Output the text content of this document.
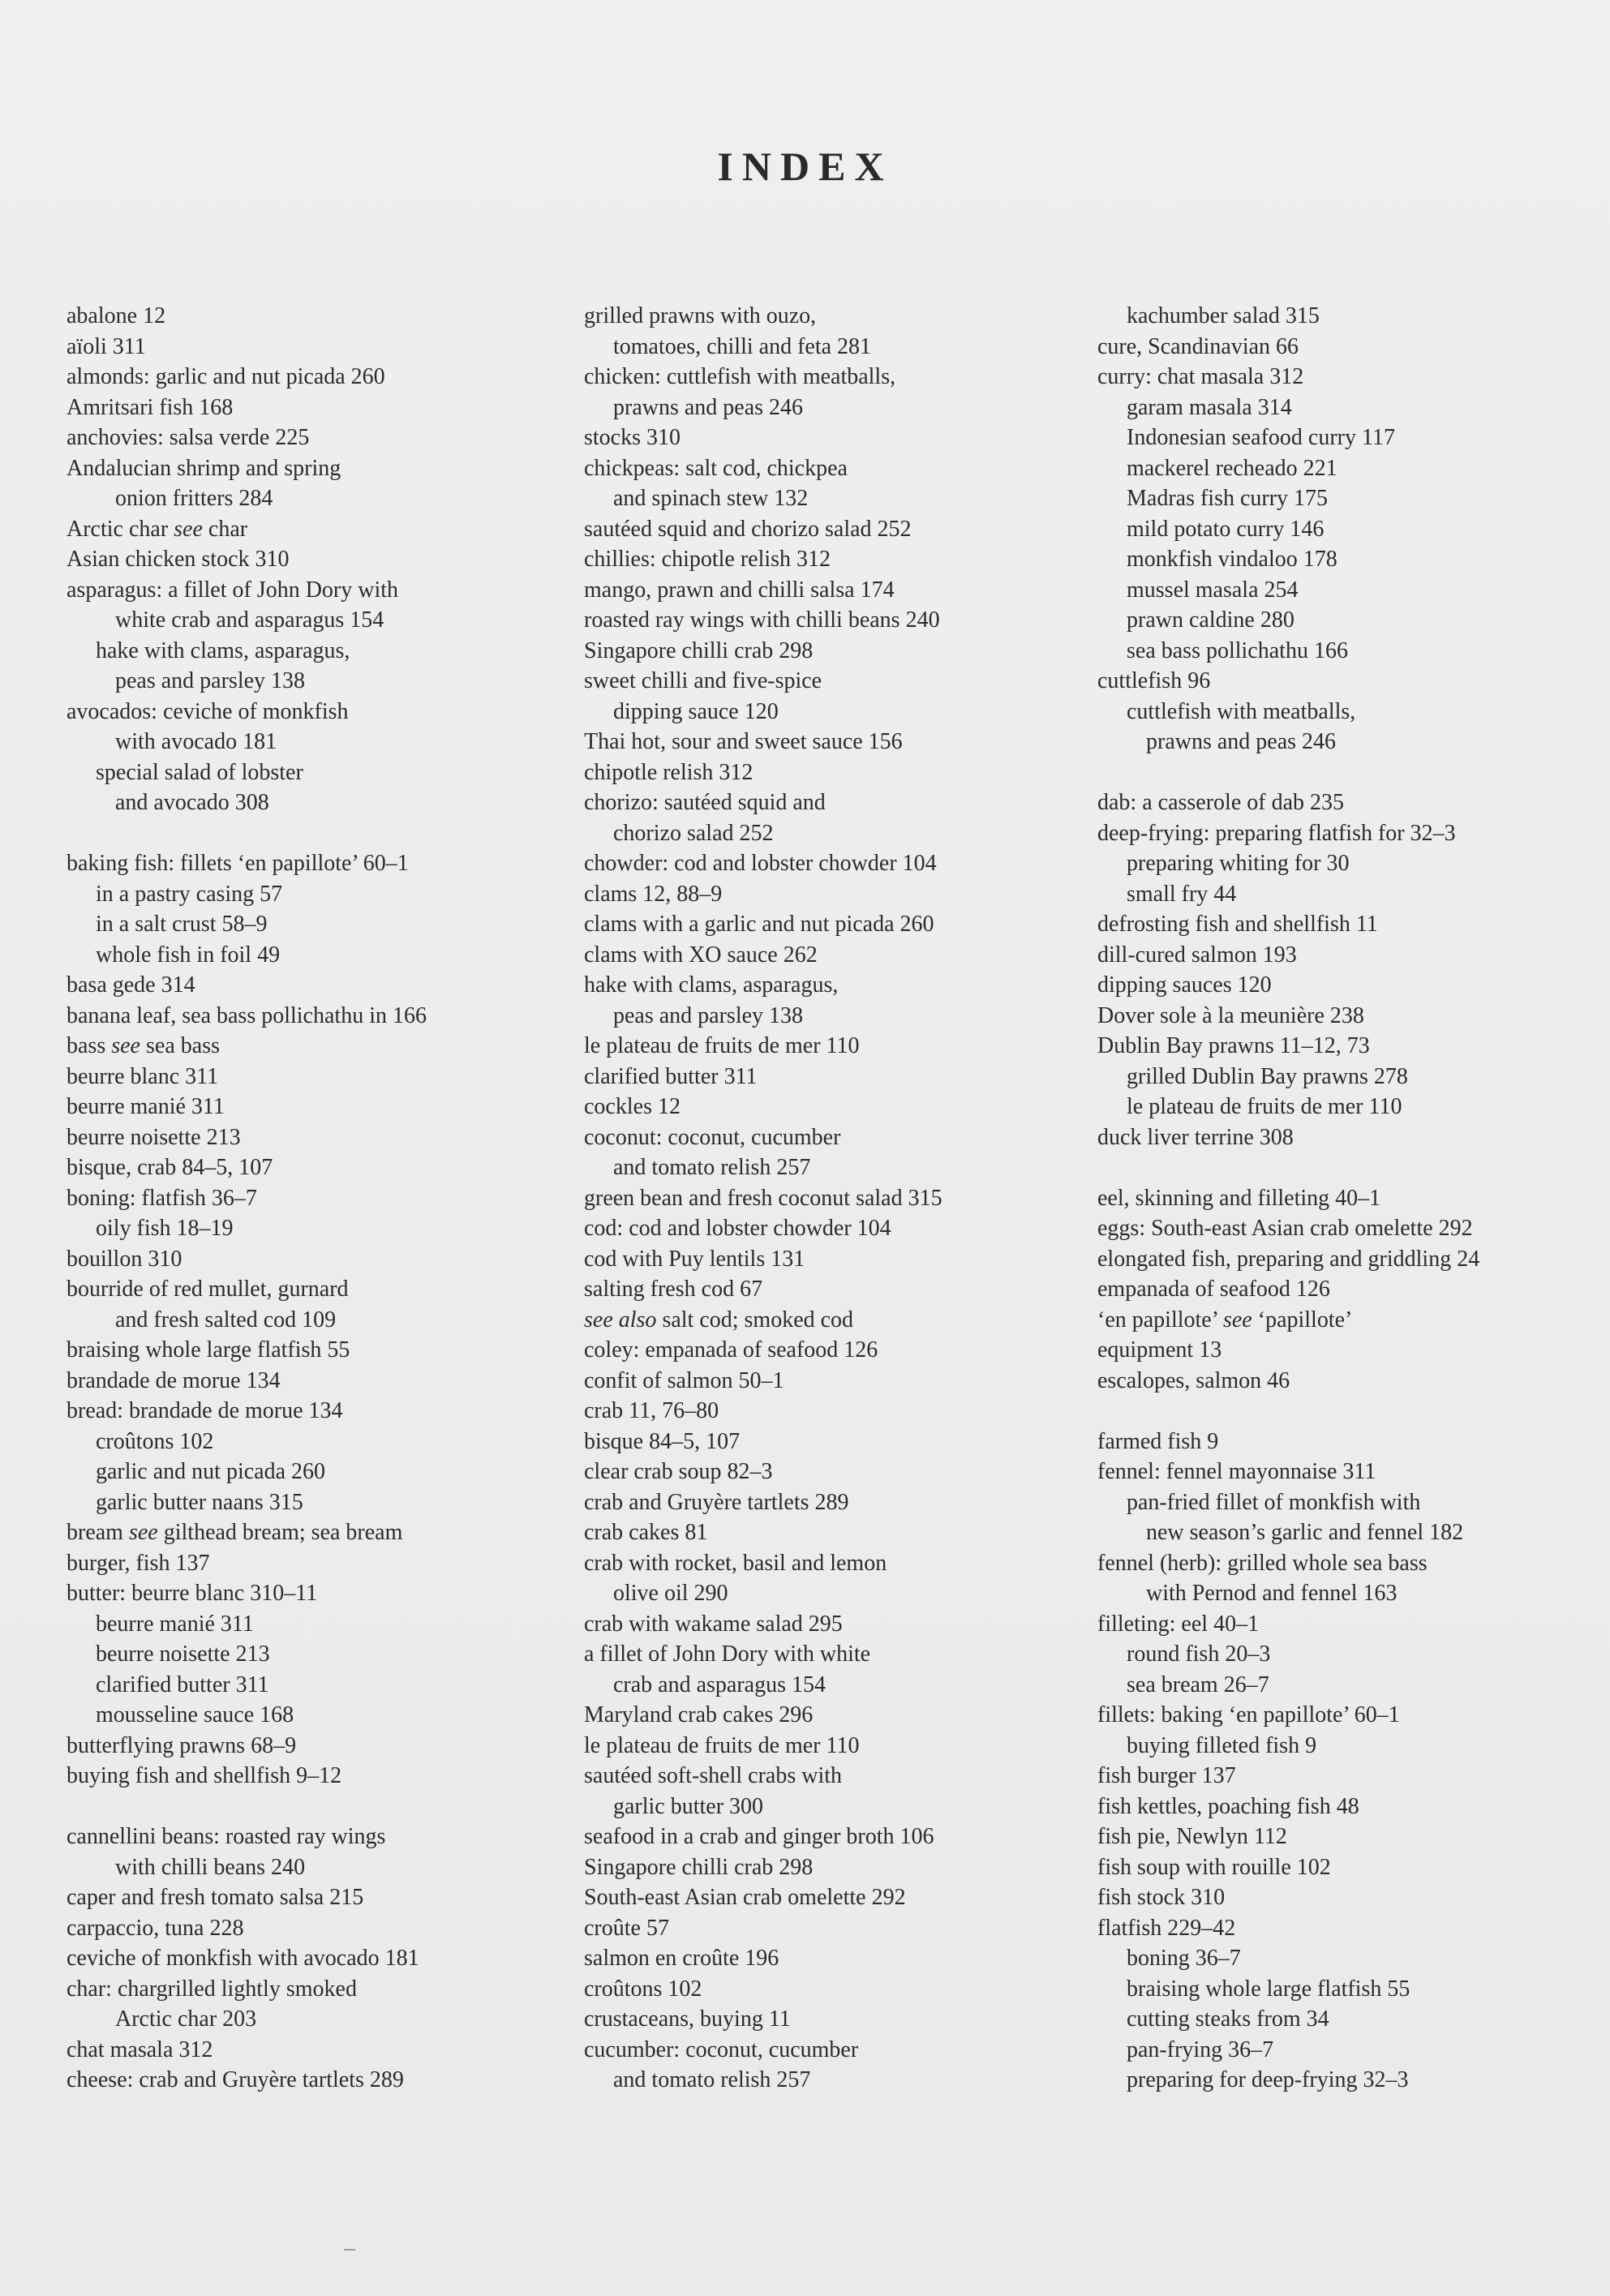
INDEX
abalone 12
aïoli 311
almonds: garlic and nut picada 260
Amritsari fish 168
anchovies: salsa verde 225
Andalucian shrimp and spring
onion fritters 284
Arctic char see char
Asian chicken stock 310
asparagus: a fillet of John Dory with
white crab and asparagus 154
hake with clams, asparagus,
peas and parsley 138
avocados: ceviche of monkfish
with avocado 181
special salad of lobster
and avocado 308
baking fish: fillets ‘en papillote’ 60–1
in a pastry casing 57
in a salt crust 58–9
whole fish in foil 49
basa gede 314
banana leaf, sea bass pollichathu in 166
bass see sea bass
beurre blanc 311
beurre manié 311
beurre noisette 213
bisque, crab 84–5, 107
boning: flatfish 36–7
oily fish 18–19
bouillon 310
bourride of red mullet, gurnard
and fresh salted cod 109
braising whole large flatfish 55
brandade de morue 134
bread: brandade de morue 134
croûtons 102
garlic and nut picada 260
garlic butter naans 315
bream see gilthead bream; sea bream
burger, fish 137
butter: beurre blanc 310–11
beurre manié 311
beurre noisette 213
clarified butter 311
mousseline sauce 168
butterflying prawns 68–9
buying fish and shellfish 9–12
cannellini beans: roasted ray wings
with chilli beans 240
caper and fresh tomato salsa 215
carpaccio, tuna 228
ceviche of monkfish with avocado 181
char: chargrilled lightly smoked
Arctic char 203
chat masala 312
cheese: crab and Gruyère tartlets 289
grilled prawns with ouzo,
tomatoes, chilli and feta 281
chicken: cuttlefish with meatballs,
prawns and peas 246
stocks 310
chickpeas: salt cod, chickpea
and spinach stew 132
sautéed squid and chorizo salad 252
chillies: chipotle relish 312
mango, prawn and chilli salsa 174
roasted ray wings with chilli beans 240
Singapore chilli crab 298
sweet chilli and five-spice
dipping sauce 120
Thai hot, sour and sweet sauce 156
chipotle relish 312
chorizo: sautéed squid and
chorizo salad 252
chowder: cod and lobster chowder 104
clams 12, 88–9
clams with a garlic and nut picada 260
clams with XO sauce 262
hake with clams, asparagus,
peas and parsley 138
le plateau de fruits de mer 110
clarified butter 311
cockles 12
coconut: coconut, cucumber
and tomato relish 257
green bean and fresh coconut salad 315
cod: cod and lobster chowder 104
cod with Puy lentils 131
salting fresh cod 67
see also salt cod; smoked cod
coley: empanada of seafood 126
confit of salmon 50–1
crab 11, 76–80
bisque 84–5, 107
clear crab soup 82–3
crab and Gruyère tartlets 289
crab cakes 81
crab with rocket, basil and lemon
olive oil 290
crab with wakame salad 295
a fillet of John Dory with white
crab and asparagus 154
Maryland crab cakes 296
le plateau de fruits de mer 110
sautéed soft-shell crabs with
garlic butter 300
seafood in a crab and ginger broth 106
Singapore chilli crab 298
South-east Asian crab omelette 292
croûte 57
salmon en croûte 196
croûtons 102
crustaceans, buying 11
cucumber: coconut, cucumber
and tomato relish 257
kachumber salad 315
cure, Scandinavian 66
curry: chat masala 312
garam masala 314
Indonesian seafood curry 117
mackerel recheado 221
Madras fish curry 175
mild potato curry 146
monkfish vindaloo 178
mussel masala 254
prawn caldine 280
sea bass pollichathu 166
cuttlefish 96
cuttlefish with meatballs,
prawns and peas 246
dab: a casserole of dab 235
deep-frying: preparing flatfish for 32–3
preparing whiting for 30
small fry 44
defrosting fish and shellfish 11
dill-cured salmon 193
dipping sauces 120
Dover sole à la meunière 238
Dublin Bay prawns 11–12, 73
grilled Dublin Bay prawns 278
le plateau de fruits de mer 110
duck liver terrine 308
eel, skinning and filleting 40–1
eggs: South-east Asian crab omelette 292
elongated fish, preparing and griddling 24
empanada of seafood 126
‘en papillote’ see ‘papillote’
equipment 13
escalopes, salmon 46
farmed fish 9
fennel: fennel mayonnaise 311
pan-fried fillet of monkfish with
new season’s garlic and fennel 182
fennel (herb): grilled whole sea bass
with Pernod and fennel 163
filleting: eel 40–1
round fish 20–3
sea bream 26–7
fillets: baking ‘en papillote’ 60–1
buying filleted fish 9
fish burger 137
fish kettles, poaching fish 48
fish pie, Newlyn 112
fish soup with rouille 102
fish stock 310
flatfish 229–42
boning 36–7
braising whole large flatfish 55
cutting steaks from 34
pan-frying 36–7
preparing for deep-frying 32–3
